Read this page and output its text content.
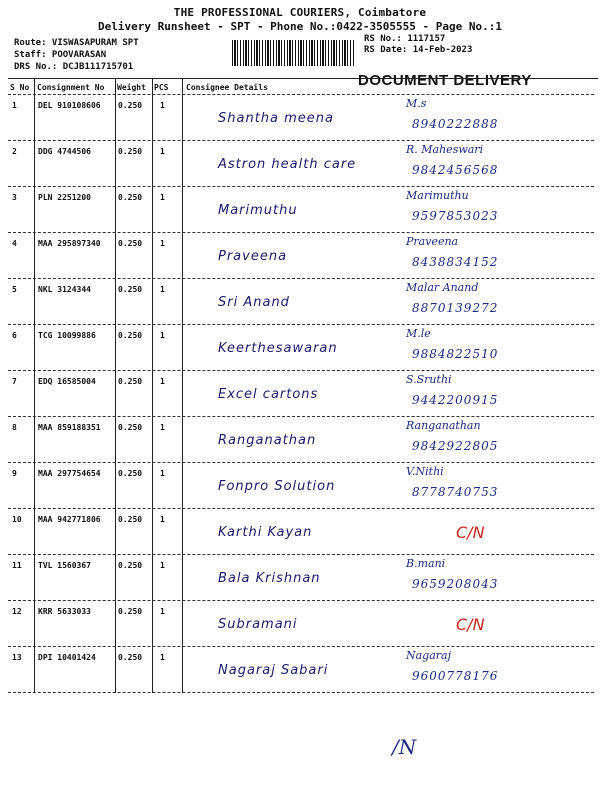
THE PROFESSIONAL COURIERS, Coimbatore
Delivery Runsheet - SPT - Phone No.:0422-3505555 - Page No.:1
Route: VISWASAPURAM SPT
Staff: POOVARASAN
DRS No.: DCJB111715701
RS No.: 1117157
RS Date: 14-Feb-2023
DOCUMENT DELIVERY
S No Consignment No Weight PCS Consignee Details
1	DEL 910108606 0.250 1
Shantha meena
M.s
8940222888
2	DDG 4744506	0.250 1
Astron health care
R. Maheswari
9842456568
3	PLN 2251200	0.250 1
Marimuthu
Marimuthu
9597853023
4	MAA 295897340 0.250 1
Praveena
Praveena
8438834152
5	NKL 3124344	0.250 1
Sri Anand
Malar Anand
8870139272
6	TCG 10099886	0.250 1
Keerthesawaran
M.le
9884822510
7	EDQ 16585004	0.250 1
Excel cartons
S.Sruthi
9442200915
8	MAA 859188351 0.250 1
Ranganathan
Ranganathan
9842922805
9	MAA 297754654 0.250 1
Fonpro Solution
V.Nithi
8778740753
10 MAA 942771806 0.250 1
Karthi Kayan	C/N
11 TVL 1560367	0.250 1
Bala Krishnan
B.mani
9659208043
12 KRR 5633033	0.250 1
Subramani	C/N
13 DPI 10401424	0.250 1
Nagaraj Sabari
Nagaraj
9600778176
/N
